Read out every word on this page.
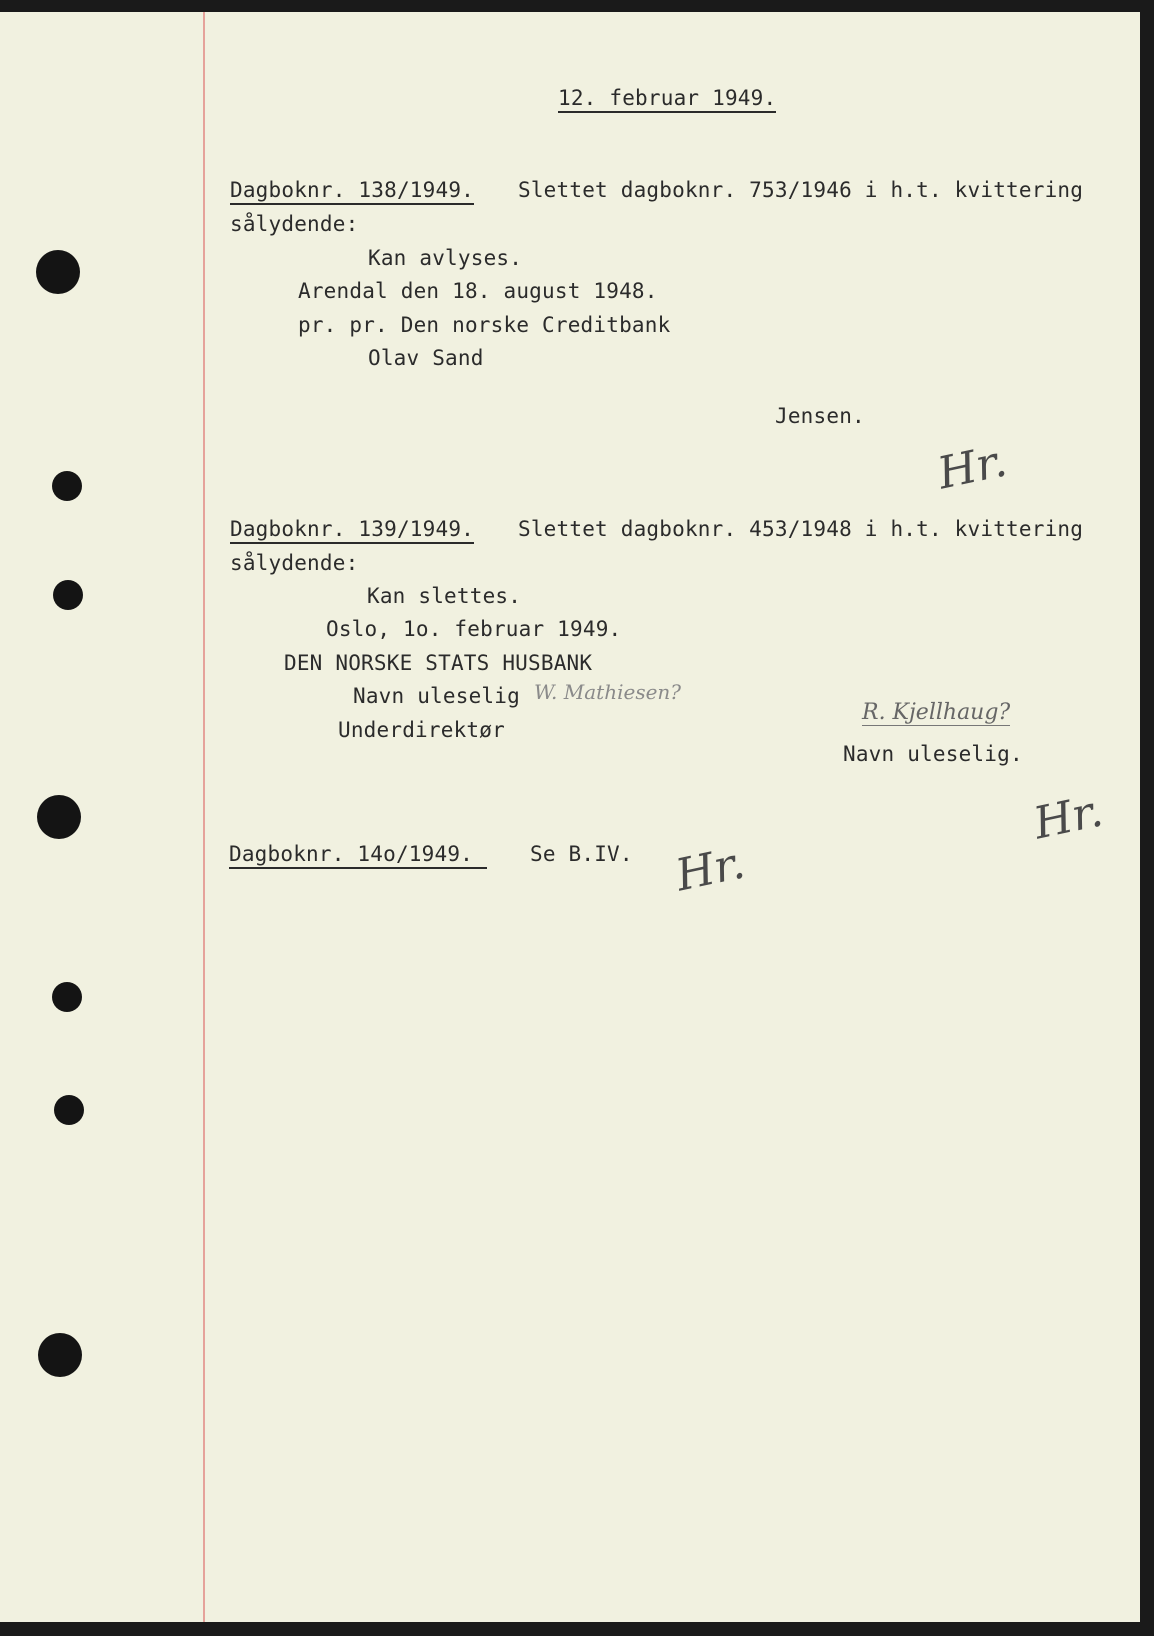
12. februar 1949.
Dagboknr. 138/1949. Slettet dagboknr. 753/1946 i h.t. kvittering
sålydende:
Kan avlyses.
Arendal den 18. august 1948.
pr. pr. Den norske Creditbank
Olav Sand
Jensen.
Hr.
Dagboknr. 139/1949. Slettet dagboknr. 453/1948 i h.t. kvittering
sålydende:
Kan slettes.
Oslo, 1o. februar 1949.
DEN NORSKE STATS HUSBANK
Navn uleselig W. Mathiesen?
Underdirektør
R. Kjellhaug?
Navn uleselig.
Hr.
Dagboknr. 14o/1949.	Se B.IV. Hr.
